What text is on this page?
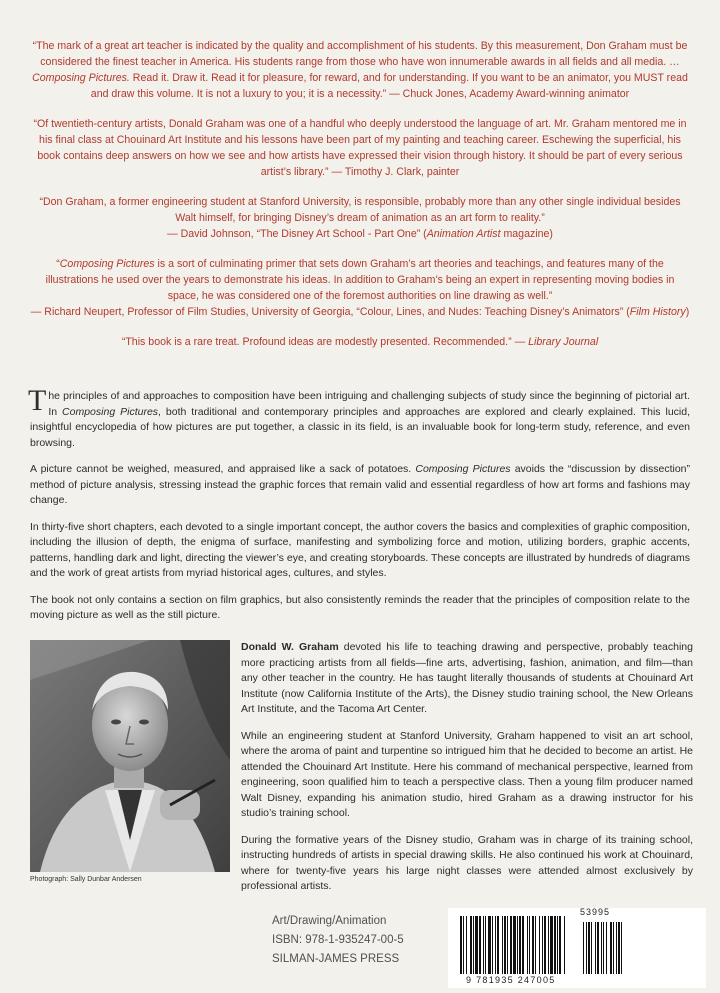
“The mark of a great art teacher is indicated by the quality and accomplishment of his students. By this measurement, Don Graham must be considered the finest teacher in America. His students range from those who have won innumerable awards in all fields and all media. … Composing Pictures. Read it. Draw it. Read it for pleasure, for reward, and for understanding. If you want to be an animator, you MUST read and draw this volume. It is not a luxury to you; it is a necessity.” — Chuck Jones, Academy Award-winning animator

“Of twentieth-century artists, Donald Graham was one of a handful who deeply understood the language of art. Mr. Graham mentored me in his final class at Chouinard Art Institute and his lessons have been part of my painting and teaching career. Eschewing the superficial, his book contains deep answers on how we see and how artists have expressed their vision through history. It should be part of every serious artist’s library.” — Timothy J. Clark, painter

“Don Graham, a former engineering student at Stanford University, is responsible, probably more than any other single individual besides Walt himself, for bringing Disney’s dream of animation as an art form to reality.”
— David Johnson, “The Disney Art School - Part One” (Animation Artist magazine)

“Composing Pictures is a sort of culminating primer that sets down Graham’s art theories and teachings, and features many of the illustrations he used over the years to demonstrate his ideas. In addition to Graham’s being an expert in representing moving bodies in space, he was considered one of the foremost authorities on line drawing as well.”
— Richard Neupert, Professor of Film Studies, University of Georgia, “Colour, Lines, and Nudes: Teaching Disney’s Animators” (Film History)

“This book is a rare treat. Profound ideas are modestly presented. Recommended.” — Library Journal

The principles of and approaches to composition have been intriguing and challenging subjects of study since the beginning of pictorial art. In Composing Pictures, both traditional and contemporary principles and approaches are explored and clearly explained. This lucid, insightful encyclopedia of how pictures are put together, a classic in its field, is an invaluable book for long-term study, reference, and even browsing.

A picture cannot be weighed, measured, and appraised like a sack of potatoes. Composing Pictures avoids the “discussion by dissection” method of picture analysis, stressing instead the graphic forces that remain valid and essential regardless of how art forms and fashions may change.

In thirty-five short chapters, each devoted to a single important concept, the author covers the basics and complexities of graphic composition, including the illusion of depth, the enigma of surface, manifesting and symbolizing force and motion, utilizing borders, graphic accents, patterns, handling dark and light, directing the viewer’s eye, and creating storyboards. These concepts are illustrated by hundreds of diagrams and the work of great artists from myriad historical ages, cultures, and styles.

The book not only contains a section on film graphics, but also consistently reminds the reader that the principles of composition relate to the moving picture as well as the still picture.

Photograph: Sally Dunbar Andersen

Donald W. Graham devoted his life to teaching drawing and perspective, probably teaching more practicing artists from all fields—fine arts, advertising, fashion, animation, and film—than any other teacher in the country. He has taught literally thousands of students at Chouinard Art Institute (now California Institute of the Arts), the Disney studio training school, the New Orleans Art Institute, and the Tacoma Art Center.

While an engineering student at Stanford University, Graham happened to visit an art school, where the aroma of paint and turpentine so intrigued him that he decided to become an artist. He attended the Chouinard Art Institute. Here his command of mechanical perspective, learned from engineering, soon qualified him to teach a perspective class. Then a young film producer named Walt Disney, expanding his animation studio, hired Graham as a drawing instructor for his studio’s training school.

During the formative years of the Disney studio, Graham was in charge of its training school, instructing hundreds of artists in special drawing skills. He also continued his work at Chouinard, where for twenty-five years his large night classes were attended almost exclusively by professional artists.

Art/Drawing/Animation
ISBN: 978-1-935247-00-5
SILMAN-JAMES PRESS
53995
9 781935 247005
